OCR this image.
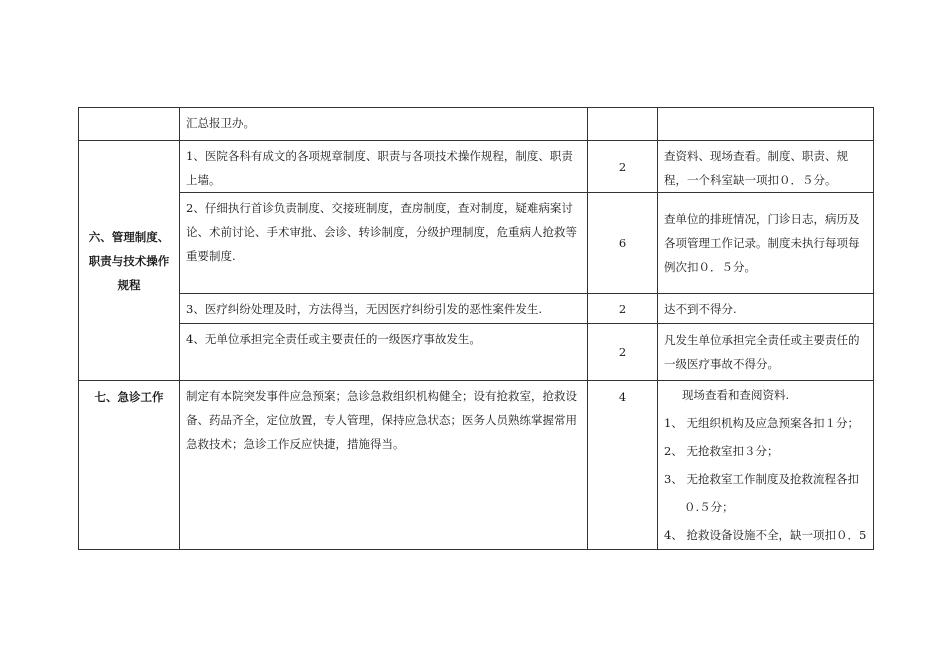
	汇总报卫办。		
六、管理制度、职责与技术操作规程	1、医院各科有成文的各项规章制度、职责与各项技术操作规程，制度、职责上墙。	2	查资料、现场查看。制度、职责、规程，一个科室缺一项扣０．５分。
	2、仔细执行首诊负责制度、交接班制度，查房制度，查对制度，疑难病案讨论、术前讨论、手术审批、会诊、转诊制度，分级护理制度，危重病人抢救等重要制度.	6	查单位的排班情况，门诊日志，病历及各项管理工作记录。制度未执行每项每例次扣０．５分。
	3、医疗纠纷处理及时，方法得当，无因医疗纠纷引发的恶性案件发生.	2	达不到不得分.
	4、无单位承担完全责任或主要责任的一级医疗事故发生。	2	凡发生单位承担完全责任或主要责任的一级医疗事故不得分。
七、急诊工作	制定有本院突发事件应急预案；急诊急救组织机构健全；设有抢救室，抢救设备、药品齐全，定位放置，专人管理，保持应急状态；医务人员熟练掌握常用急救技术；急诊工作反应快捷，措施得当。	4	现场查看和查阅资料.
1、 无组织机构及应急预案各扣１分；
2、 无抢救室扣３分；
3、 无抢救室工作制度及抢救流程各扣０.５分；
4、 抢救设备设施不全，缺一项扣０．5
